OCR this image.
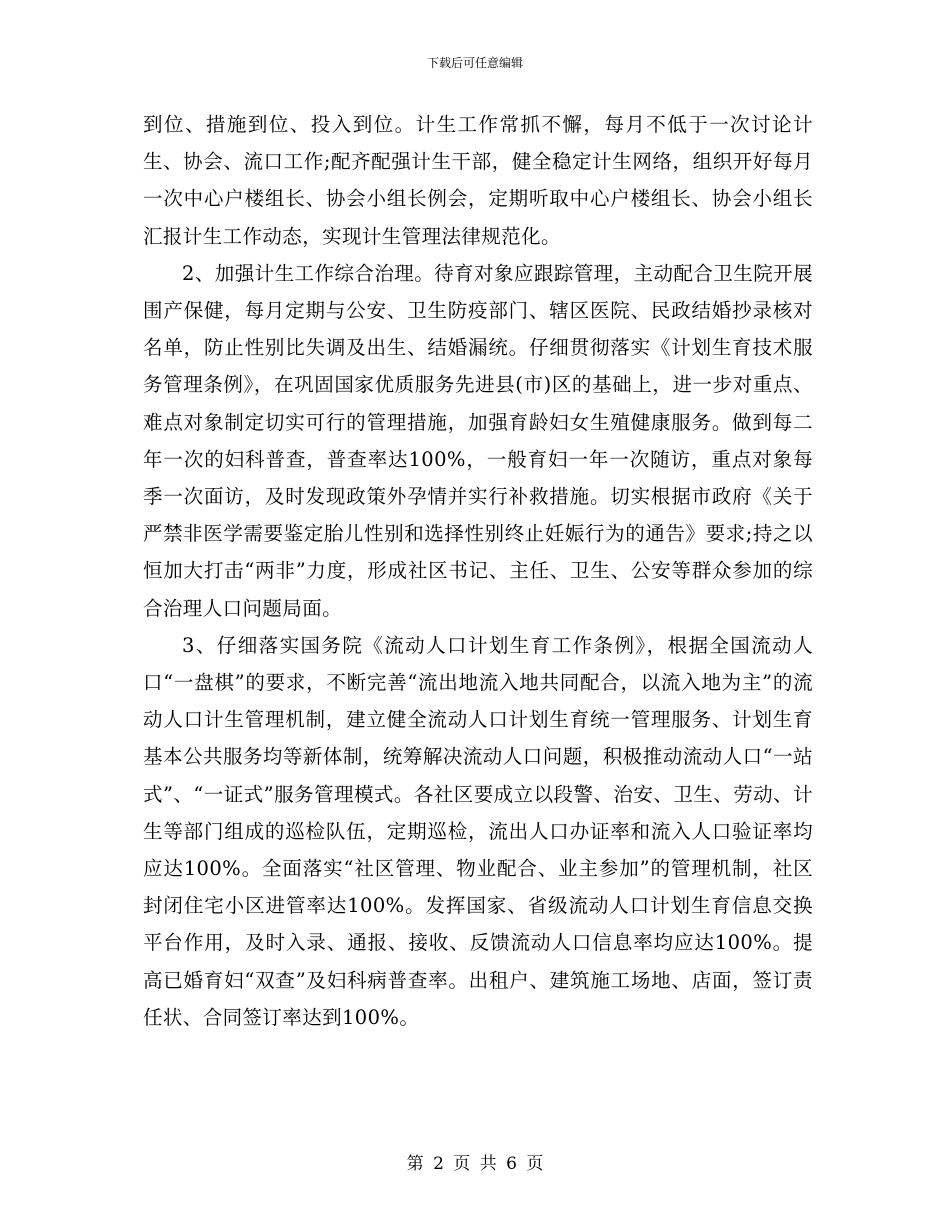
下载后可任意编辑

到位、措施到位、投入到位。计生工作常抓不懈，每月不低于一次讨论计生、协会、流口工作;配齐配强计生干部，健全稳定计生网络，组织开好每月一次中心户楼组长、协会小组长例会，定期听取中心户楼组长、协会小组长汇报计生工作动态，实现计生管理法律规范化。

2、加强计生工作综合治理。待育对象应跟踪管理，主动配合卫生院开展围产保健，每月定期与公安、卫生防疫部门、辖区医院、民政结婚抄录核对名单，防止性别比失调及出生、结婚漏统。仔细贯彻落实《计划生育技术服务管理条例》，在巩固国家优质服务先进县(市)区的基础上，进一步对重点、难点对象制定切实可行的管理措施，加强育龄妇女生殖健康服务。做到每二年一次的妇科普查，普查率达100%，一般育妇一年一次随访，重点对象每季一次面访，及时发现政策外孕情并实行补救措施。切实根据市政府《关于严禁非医学需要鉴定胎儿性别和选择性别终止妊娠行为的通告》要求;持之以恒加大打击“两非”力度，形成社区书记、主任、卫生、公安等群众参加的综合治理人口问题局面。

3、仔细落实国务院《流动人口计划生育工作条例》，根据全国流动人口“一盘棋”的要求，不断完善“流出地流入地共同配合，以流入地为主”的流动人口计生管理机制，建立健全流动人口计划生育统一管理服务、计划生育基本公共服务均等新体制，统筹解决流动人口问题，积极推动流动人口“一站式”、“一证式”服务管理模式。各社区要成立以段警、治安、卫生、劳动、计生等部门组成的巡检队伍，定期巡检，流出人口办证率和流入人口验证率均应达100%。全面落实“社区管理、物业配合、业主参加”的管理机制，社区封闭住宅小区进管率达100%。发挥国家、省级流动人口计划生育信息交换平台作用，及时入录、通报、接收、反馈流动人口信息率均应达100%。提高已婚育妇“双查”及妇科病普查率。出租户、建筑施工场地、店面，签订责任状、合同签订率达到100%。

第 2 页 共 6 页
